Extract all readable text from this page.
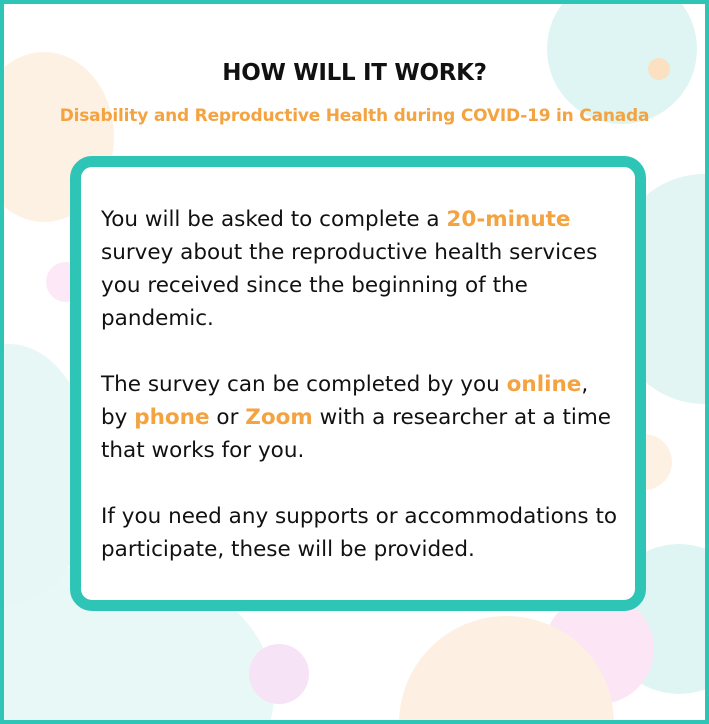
HOW WILL IT WORK?
Disability and Reproductive Health during COVID-19 in Canada

You will be asked to complete a 20-minute survey about the reproductive health services you received since the beginning of the pandemic.

The survey can be completed by you online, by phone or Zoom with a researcher at a time that works for you.

If you need any supports or accommodations to participate, these will be provided.
